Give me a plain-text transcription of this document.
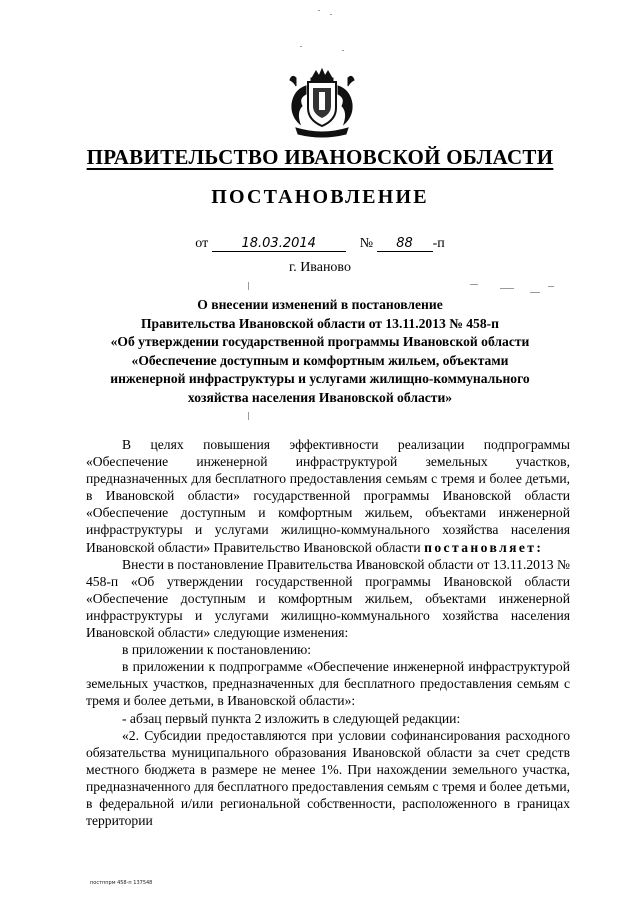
ПРАВИТЕЛЬСТВО ИВАНОВСКОЙ ОБЛАСТИ
ПОСТАНОВЛЕНИЕ
от	18.03.2014	№ 88 -п
г. Иваново
О внесении изменений в постановление
Правительства Ивановской области от 13.11.2013 № 458-п
«Об утверждении государственной программы Ивановской области
«Обеспечение доступным и комфортным жильем, объектами
инженерной инфраструктуры и услугами жилищно-коммунального
хозяйства населения Ивановской области»

В целях повышения эффективности реализации подпрограммы «Обеспечение инженерной инфраструктурой земельных участков, предназначенных для бесплатного предоставления семьям с тремя и более детьми, в Ивановской области» государственной программы Ивановской области «Обеспечение доступным и комфортным жильем, объектами инженерной инфраструктуры и услугами жилищно-коммунального хозяйства населения Ивановской области» Правительство Ивановской области постановляет:

Внести в постановление Правительства Ивановской области от 13.11.2013 № 458-п «Об утверждении государственной программы Ивановской области «Обеспечение доступным и комфортным жильем, объектами инженерной инфраструктуры и услугами жилищно-коммунального хозяйства населения Ивановской области» следующие изменения:

в приложении к постановлению:

в приложении к подпрограмме «Обеспечение инженерной инфраструктурой земельных участков, предназначенных для бесплатного предоставления семьям с тремя и более детьми, в Ивановской области»:

- абзац первый пункта 2 изложить в следующей редакции:

«2. Субсидии предоставляются при условии софинансирования расходного обязательства муниципального образования Ивановской области за счет средств местного бюджета в размере не менее 1%. При нахождении земельного участка, предназначенного для бесплатного предоставления семьям с тремя и более детьми, в федеральной и/или региональной собственности, расположенного в границах территории

постппрм 458-п 137548
